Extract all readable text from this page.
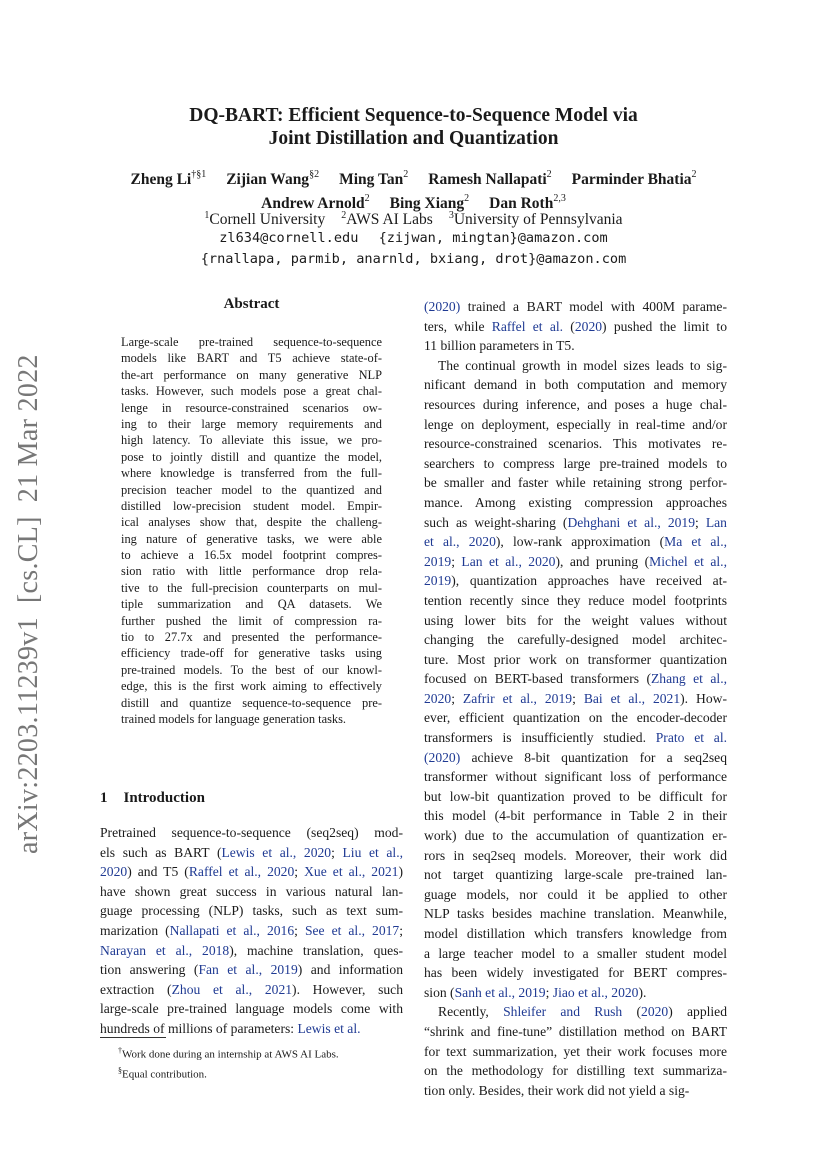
arXiv:2203.11239v1[cs.CL]21 Mar 2022
DQ-BART: Efficient Sequence-to-Sequence Model via
Joint Distillation and Quantization
Zheng Li$^{\dagger\S 1}$ Zijian Wang$^{\S 2}$ Ming Tan$^2$ Ramesh Nallapati$^2$ Parminder Bhatia$^2$
Andrew Arnold$^2$ Bing Xiang$^2$ Dan Roth$^{2,3}$
$^1$Cornell University $^2$AWS AI Labs $^3$University of Pennsylvania
zl634@cornell.edu {zijwan, mingtan}@amazon.com
{rnallapa, parmib, anarnld, bxiang, drot}@amazon.com
Abstract
Large-scale pre-trained sequence-to-sequence
models like BART and T5 achieve state-of-
the-art performance on many generative NLP
tasks. However, such models pose a great chal-
lenge in resource-constrained scenarios ow-
ing to their large memory requirements and
high latency. To alleviate this issue, we pro-
pose to jointly distill and quantize the model,
where knowledge is transferred from the full-
precision teacher model to the quantized and
distilled low-precision student model. Empir-
ical analyses show that, despite the challeng-
ing nature of generative tasks, we were able
to achieve a 16.5x model footprint compres-
sion ratio with little performance drop rela-
tive to the full-precision counterparts on mul-
tiple summarization and QA datasets. We
further pushed the limit of compression ra-
tio to 27.7x and presented the performance-
efficiency trade-off for generative tasks using
pre-trained models. To the best of our knowl-
edge, this is the first work aiming to effectively
distill and quantize sequence-to-sequence pre-
trained models for language generation tasks.
1 Introduction
Pretrained sequence-to-sequence (seq2seq) mod-
els such as BART (Lewis et al., 2020; Liu et al.,
2020) and T5 (Raffel et al., 2020; Xue et al., 2021)
have shown great success in various natural lan-
guage processing (NLP) tasks, such as text sum-
marization (Nallapati et al., 2016; See et al., 2017;
Narayan et al., 2018), machine translation, ques-
tion answering (Fan et al., 2019) and information
extraction (Zhou et al., 2021). However, such
large-scale pre-trained language models come with
hundreds of millions of parameters: Lewis et al.
(2020) trained a BART model with 400M parame-
ters, while Raffel et al. (2020) pushed the limit to
11 billion parameters in T5.
The continual growth in model sizes leads to sig-
nificant demand in both computation and memory
resources during inference, and poses a huge chal-
lenge on deployment, especially in real-time and/or
resource-constrained scenarios. This motivates re-
searchers to compress large pre-trained models to
be smaller and faster while retaining strong perfor-
mance. Among existing compression approaches
such as weight-sharing (Dehghani et al., 2019; Lan
et al., 2020), low-rank approximation (Ma et al.,
2019; Lan et al., 2020), and pruning (Michel et al.,
2019), quantization approaches have received at-
tention recently since they reduce model footprints
using lower bits for the weight values without
changing the carefully-designed model architec-
ture. Most prior work on transformer quantization
focused on BERT-based transformers (Zhang et al.,
2020; Zafrir et al., 2019; Bai et al., 2021). How-
ever, efficient quantization on the encoder-decoder
transformers is insufficiently studied. Prato et al.
(2020) achieve 8-bit quantization for a seq2seq
transformer without significant loss of performance
but low-bit quantization proved to be difficult for
this model (4-bit performance in Table 2 in their
work) due to the accumulation of quantization er-
rors in seq2seq models. Moreover, their work did
not target quantizing large-scale pre-trained lan-
guage models, nor could it be applied to other
NLP tasks besides machine translation. Meanwhile,
model distillation which transfers knowledge from
a large teacher model to a smaller student model
has been widely investigated for BERT compres-
sion (Sanh et al., 2019; Jiao et al., 2020).
Recently, Shleifer and Rush (2020) applied
“shrink and fine-tune” distillation method on BART
for text summarization, yet their work focuses more
on the methodology for distilling text summariza-
tion only. Besides, their work did not yield a sig-
†Work done during an internship at AWS AI Labs.
§Equal contribution.
